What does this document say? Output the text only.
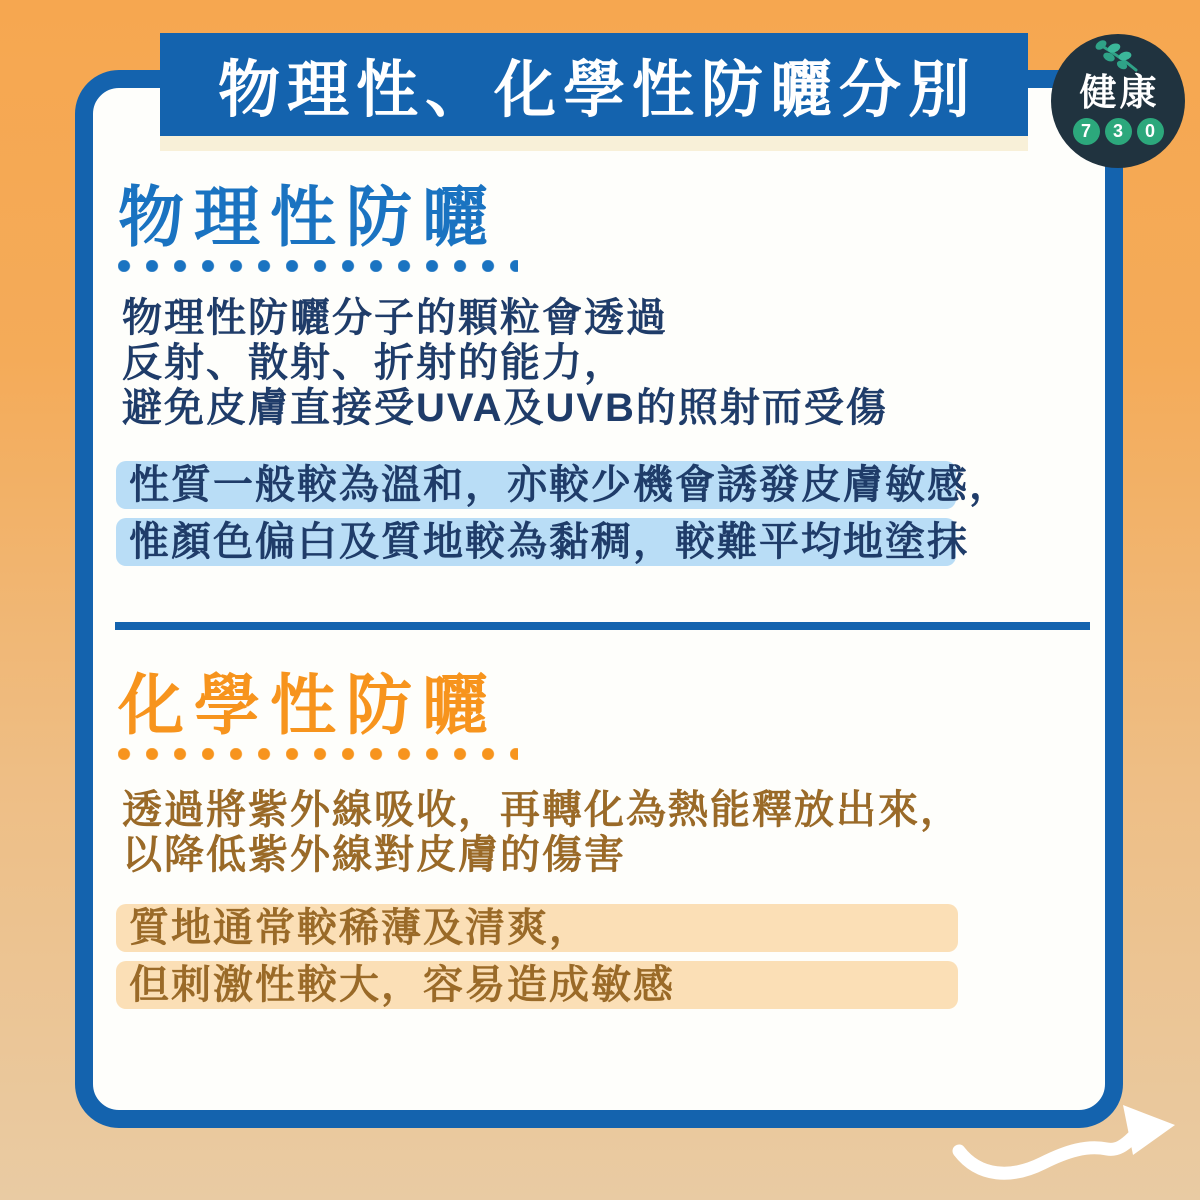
物理性防曬
物理性防曬分子的顆粒會透過
反射、散射、折射的能力，
避免皮膚直接受UVA及UVB的照射而受傷
性質一般較為溫和，亦較少機會誘發皮膚敏感，
惟顏色偏白及質地較為黏稠，較難平均地塗抹
化學性防曬
透過將紫外線吸收，再轉化為熱能釋放出來，
以降低紫外線對皮膚的傷害
質地通常較稀薄及清爽，
但刺激性較大，容易造成敏感
物理性、化學性防曬分別	健康
7	3	0
